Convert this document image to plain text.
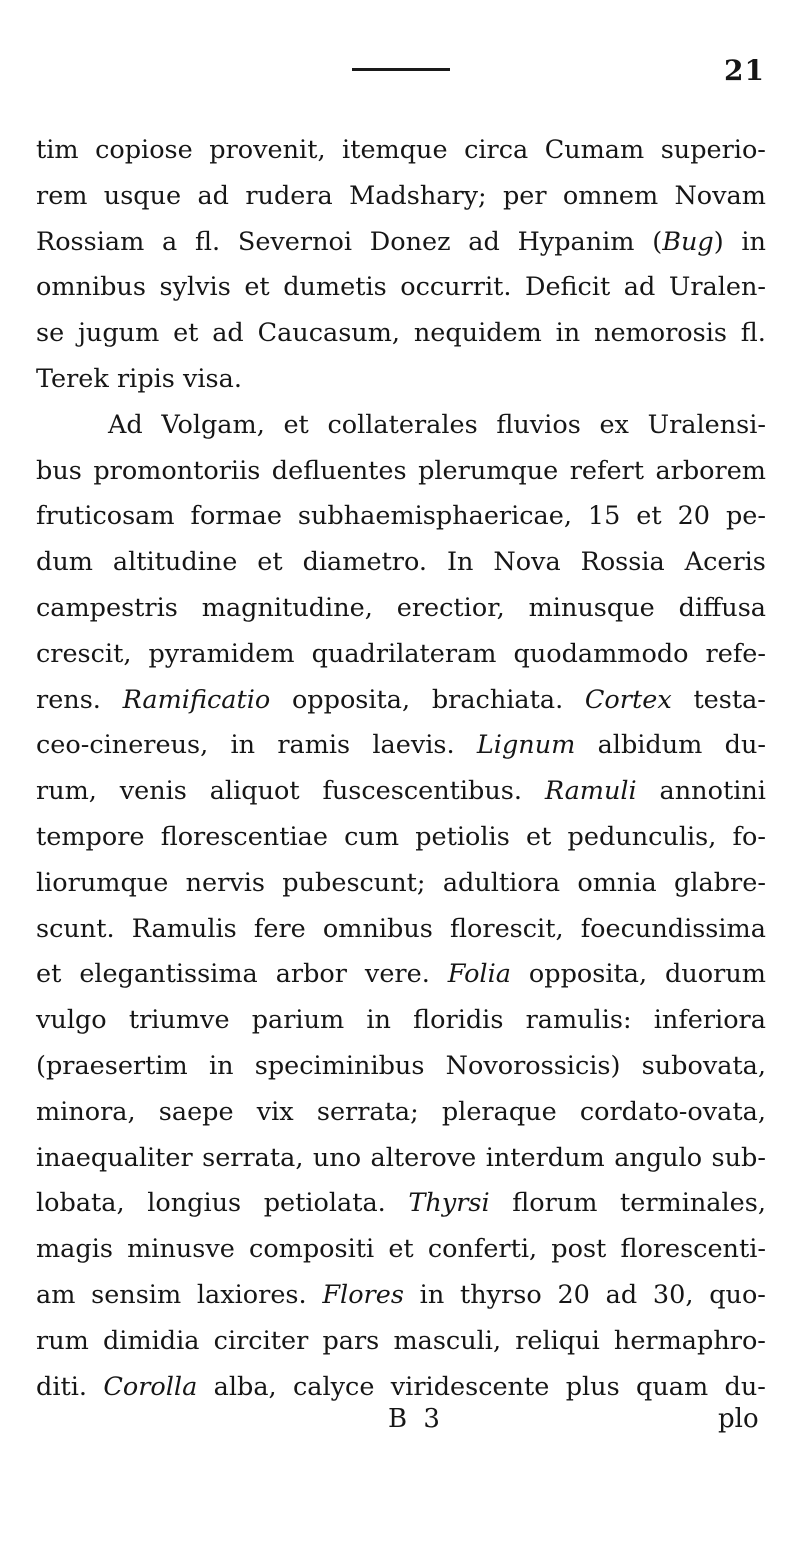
21
tim copiose provenit, itemque circa Cumam superio-
rem usque ad rudera Madshary; per omnem Novam
Rossiam a fl. Severnoi Donez ad Hypanim (Bug) in
omnibus sylvis et dumetis occurrit. Deficit ad Uralen-
se jugum et ad Caucasum, nequidem in nemorosis fl.
Terek
ripis
visa.

Ad Volgam, et collaterales fluvios ex Uralensi-
bus promontoriis defluentes plerumque refert arborem
fruticosam formae subhaemisphaericae, 15 et 20 pe-
dum altitudine et diametro. In Nova Rossia Aceris
campestris magnitudine, erectior, minusque diffusa
crescit, pyramidem quadrilateram quodammodo refe-
rens. Ramificatio opposita, brachiata. Cortex testa-
ceo-cinereus, in ramis laevis. Lignum albidum du-
rum, venis aliquot fuscescentibus. Ramuli annotini
tempore florescentiae cum petiolis et pedunculis, fo-
liorumque nervis pubescunt; adultiora omnia glabre-
scunt. Ramulis fere omnibus florescit, foecundissima
et elegantissima arbor vere. Folia opposita, duorum
vulgo triumve parium in floridis ramulis: inferiora
(praesertim in speciminibus Novorossicis) subovata,
minora, saepe vix serrata; pleraque cordato-ovata,
inaequaliter serrata, uno alterove interdum angulo sub-
lobata, longius petiolata. Thyrsi florum terminales,
magis minusve compositi et conferti, post florescenti-
am sensim laxiores. Flores in thyrso 20 ad 30, quo-
rum dimidia circiter pars masculi, reliqui hermaphro-
diti. Corolla alba, calyce viridescente plus quam du-
B 3	plo
